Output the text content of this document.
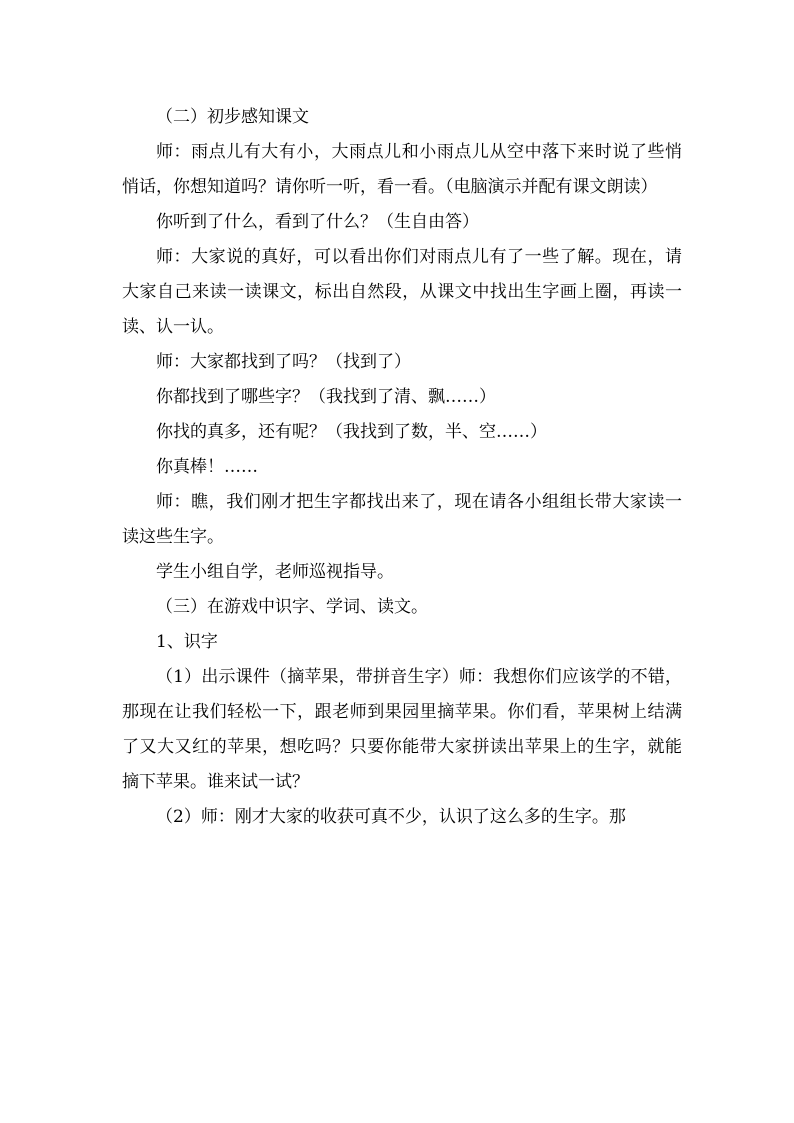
（二）初步感知课文

师：雨点儿有大有小，大雨点儿和小雨点儿从空中落下来时说了些悄悄话，你想知道吗？请你听一听，看一看。（电脑演示并配有课文朗读）

你听到了什么，看到了什么？（生自由答）

师：大家说的真好，可以看出你们对雨点儿有了一些了解。现在，请大家自己来读一读课文，标出自然段，从课文中找出生字画上圈，再读一读、认一认。

师：大家都找到了吗？（找到了）

你都找到了哪些字？（我找到了清、飘……）

你找的真多，还有呢？（我找到了数，半、空……）

你真棒！……

师：瞧，我们刚才把生字都找出来了，现在请各小组组长带大家读一读这些生字。

学生小组自学，老师巡视指导。

（三）在游戏中识字、学词、读文。

1、识字

（1）出示课件（摘苹果，带拼音生字）师：我想你们应该学的不错，那现在让我们轻松一下，跟老师到果园里摘苹果。你们看，苹果树上结满了又大又红的苹果，想吃吗？只要你能带大家拼读出苹果上的生字，就能摘下苹果。谁来试一试？

（2）师：刚才大家的收获可真不少，认识了这么多的生字。那
